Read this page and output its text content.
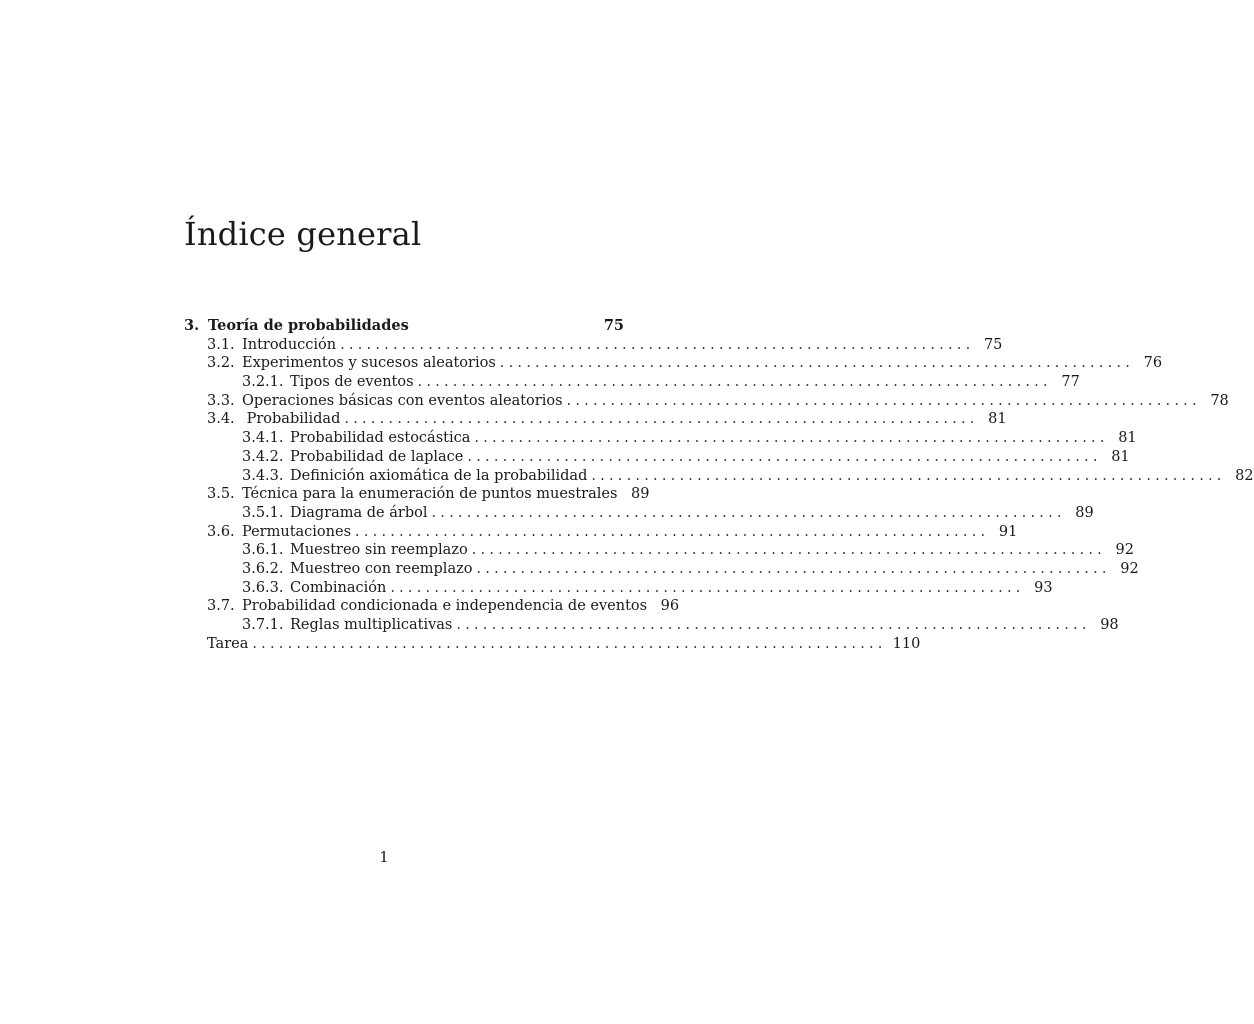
Índice general
3. Teoría de probabilidades	75
3.1. Introducción ........................................................................ 75
3.2. Experimentos y sucesos aleatorios ........................................................................ 76
3.2.1. Tipos de eventos ........................................................................ 77
3.3. Operaciones básicas con eventos aleatorios ........................................................................ 78
3.4. Probabilidad ........................................................................ 81
3.4.1. Probabilidad estocástica ........................................................................ 81
3.4.2. Probabilidad de laplace ........................................................................ 81
3.4.3. Definición axiomática de la probabilidad ........................................................................ 82
3.5. Técnica para la enumeración de puntos muestrales 89
3.5.1. Diagrama de árbol ........................................................................ 89
3.6. Permutaciones ........................................................................ 91
3.6.1. Muestreo sin reemplazo ........................................................................ 92
3.6.2. Muestreo con reemplazo ........................................................................ 92
3.6.3. Combinación ........................................................................ 93
3.7. Probabilidad condicionada e independencia de eventos 96
3.7.1. Reglas multiplicativas ........................................................................ 98
Tarea ........................................................................ 110
1
